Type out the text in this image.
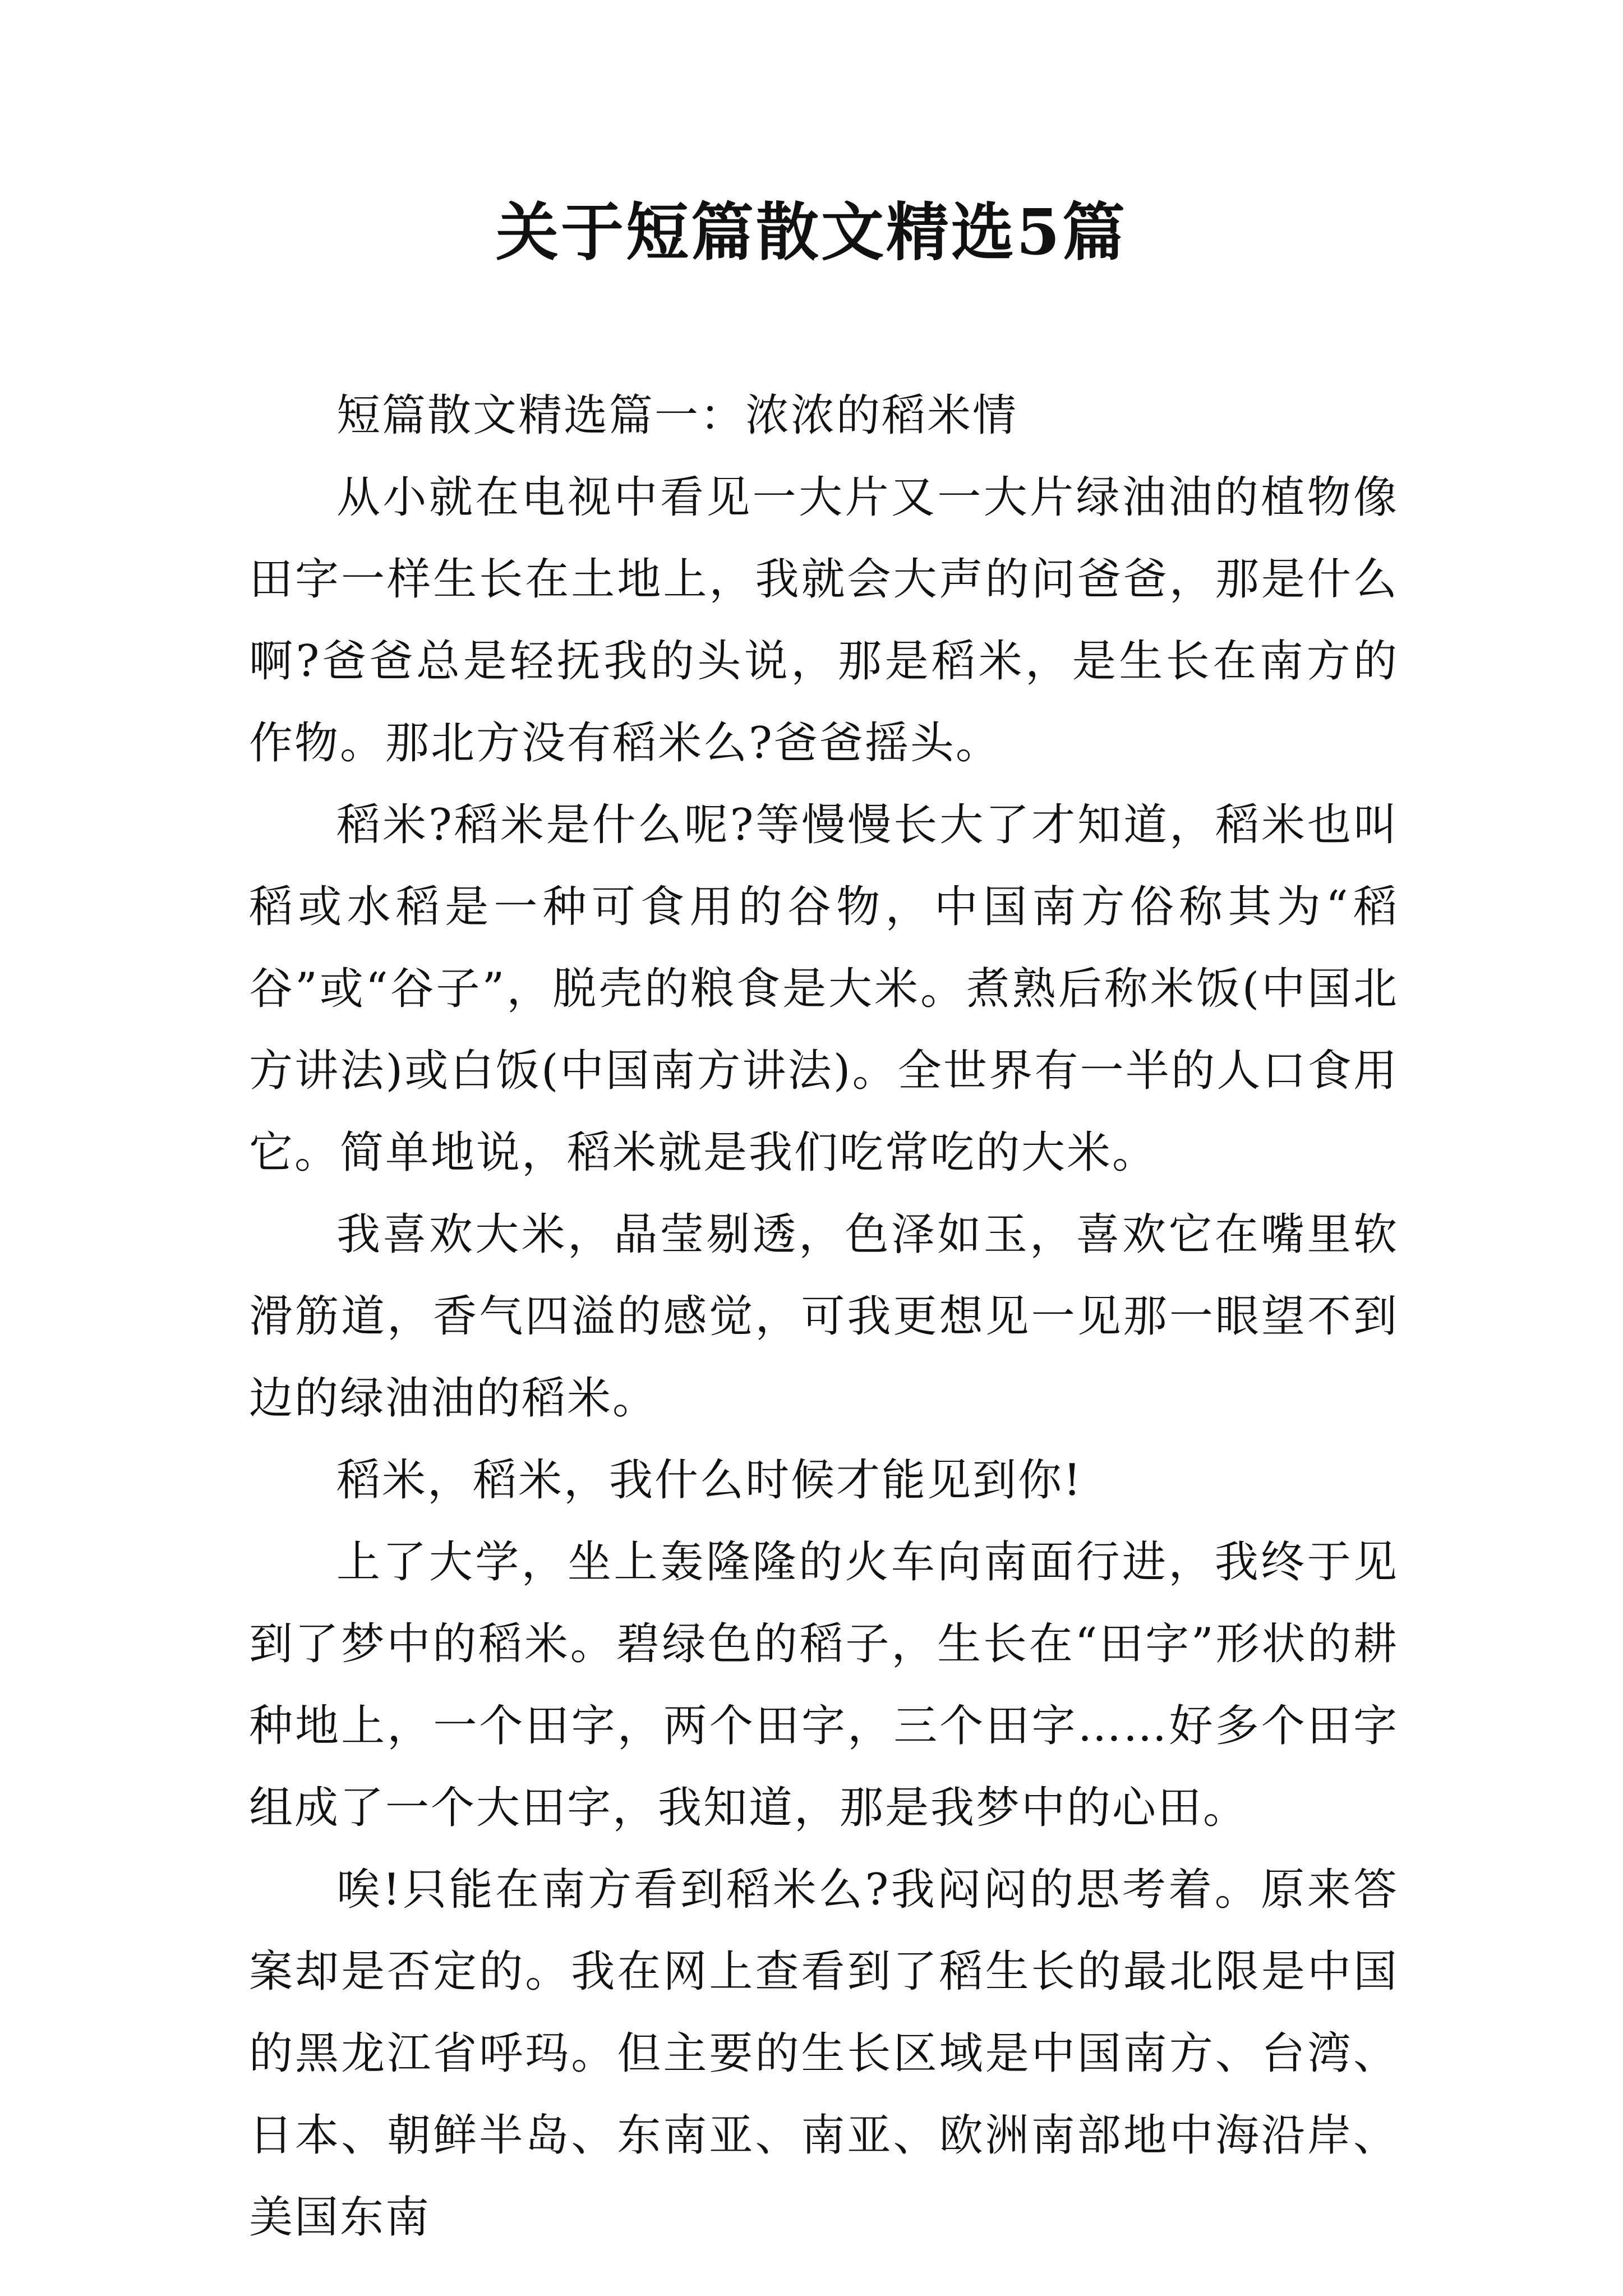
关于短篇散文精选5篇

短篇散文精选篇一：浓浓的稻米情

从小就在电视中看见一大片又一大片绿油油的植物像田字一样生长在土地上，我就会大声的问爸爸，那是什么啊?爸爸总是轻抚我的头说，那是稻米，是生长在南方的作物。那北方没有稻米么?爸爸摇头。

稻米?稻米是什么呢?等慢慢长大了才知道，稻米也叫稻或水稻是一种可食用的谷物，中国南方俗称其为“稻谷”或“谷子”，脱壳的粮食是大米。煮熟后称米饭(中国北方讲法)或白饭(中国南方讲法)。全世界有一半的人口食用它。简单地说，稻米就是我们吃常吃的大米。

我喜欢大米，晶莹剔透，色泽如玉，喜欢它在嘴里软滑筋道，香气四溢的感觉，可我更想见一见那一眼望不到边的绿油油的稻米。

稻米，稻米，我什么时候才能见到你!

上了大学，坐上轰隆隆的火车向南面行进，我终于见到了梦中的稻米。碧绿色的稻子，生长在“田字”形状的耕种地上，一个田字，两个田字，三个田字……好多个田字组成了一个大田字，我知道，那是我梦中的心田。

唉!只能在南方看到稻米么?我闷闷的思考着。原来答案却是否定的。我在网上查看到了稻生长的最北限是中国的黑龙江省呼玛。但主要的生长区域是中国南方、台湾、日本、朝鲜半岛、东南亚、南亚、欧洲南部地中海沿岸、美国东南
